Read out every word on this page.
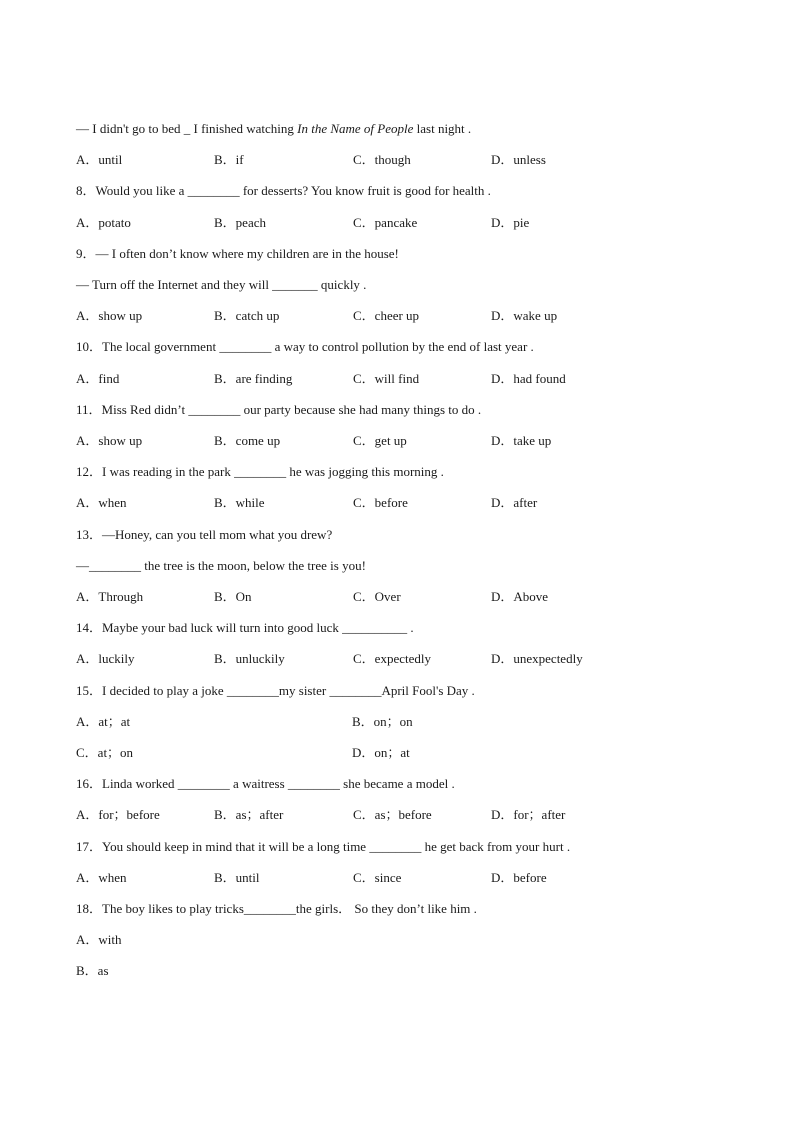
— I didn't go to bed _ I finished watching In the Name of People last night .
A．until	B．if	C．though	D．unless
8．Would you like a ________ for desserts? You know fruit is good for health .
A．potato	B．peach	C．pancake	D．pie
9．— I often don’t know where my children are in the house!
— Turn off the Internet and they will _______ quickly .
A．show up	B．catch up	C．cheer up	D．wake up
10．The local government ________ a way to control pollution by the end of last year .
A．find	B．are finding	C．will find	D．had found
11．Miss Red didn’t ________ our party because she had many things to do .
A．show up	B．come up	C．get up	D．take up
12．I was reading in the park ________ he was jogging this morning .
A．when	B．while	C．before	D．after
13．—Honey, can you tell mom what you drew?
—________ the tree is the moon, below the tree is you!
A．Through	B．On	C．Over	D．Above
14．Maybe your bad luck will turn into good luck __________ .
A．luckily	B．unluckily	C．expectedly	D．unexpectedly
15．I decided to play a joke ________my sister ________April Fool's Day .
A．at；at	B．on；on
C．at；on	D．on；at
16．Linda worked ________ a waitress ________ she became a model .
A．for；before	B．as；after	C．as；before	D．for；after
17．You should keep in mind that it will be a long time ________ he get back from your hurt .
A．when	B．until	C．since	D．before
18．The boy likes to play tricks________the girls． So they don’t like him .
A．with
B．as
